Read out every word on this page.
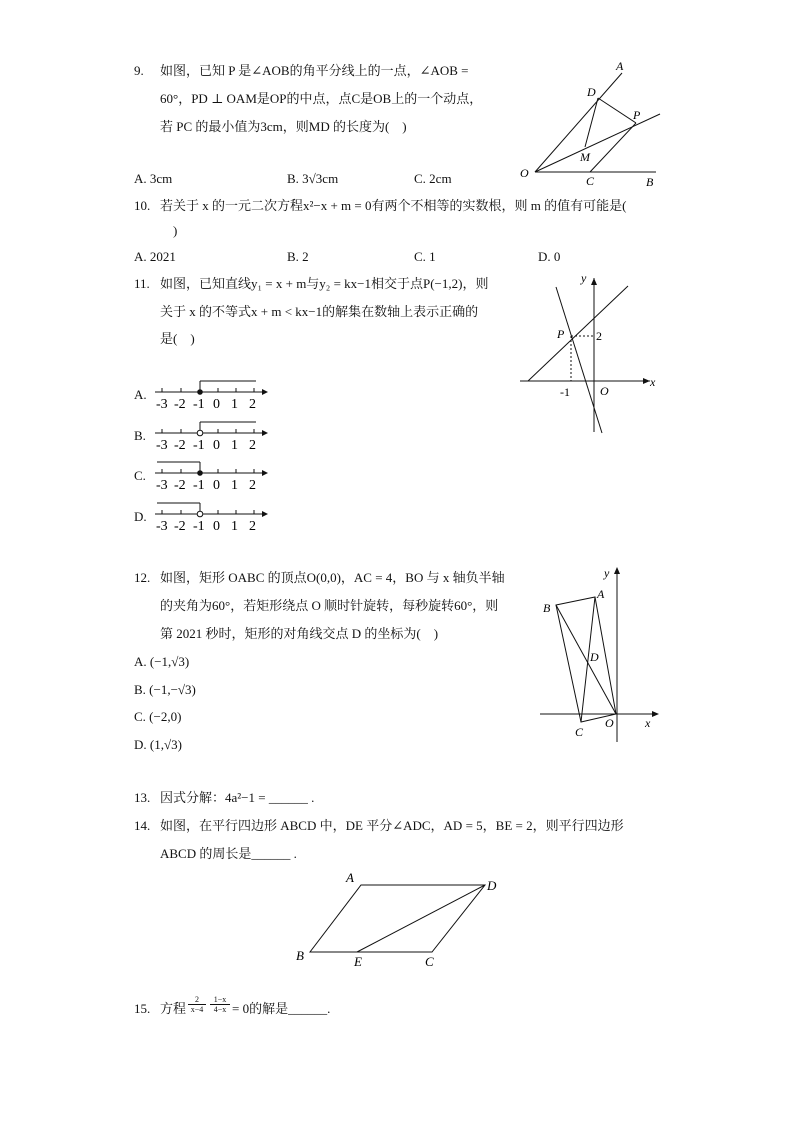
9. 如图，已知 P 是∠AOB的角平分线上的一点，∠AOB =
60°，PD ⊥ OAM是OP的中点，点C是OB上的一个动点，
若 PC 的最小值为3cm，则MD 的长度为(　)
A. 3cm	B. 3√3cm	C. 2cm
A
D
P
M
O
C	B
10. 若关于 x 的一元二次方程x²−x + m = 0有两个不相等的实数根，则 m 的值有可能是(
)
A. 2021	B. 2	C. 1	D. 0
11. 如图，已知直线y₁ = x + m与y₂ = kx−1相交于点P(−1,2)，则
关于 x 的不等式x + m < kx−1的解集在数轴上表示正确的
是(　)
y
x
P	2
-1	O
A.
B.
C.
D.
-3 -2 -1 0 1 2
-3 -2 -1 0 1 2
-3 -2 -1 0 1 2
-3 -2 -1 0 1 2
12. 如图，矩形 OABC 的顶点O(0,0)，AC = 4，BO 与 x 轴负半轴
的夹角为60°，若矩形绕点 O 顺时针旋转，每秒旋转60°，则
第 2021 秒时，矩形的对角线交点 D 的坐标为(　)
A. (−1,√3)
B. (−1,−√3)
C. (−2,0)
D. (1,√3)
y
x
B
A
D
C
O
13. 因式分解：4a²−1 = ______ .
14. 如图，在平行四边形 ABCD 中，DE 平分∠ADC，AD = 5，BE = 2，则平行四边形
ABCD 的周长是______ .
A
D
B	E	C
15. 方程
2
x−4
1−x
4−x = 0的解是______.
